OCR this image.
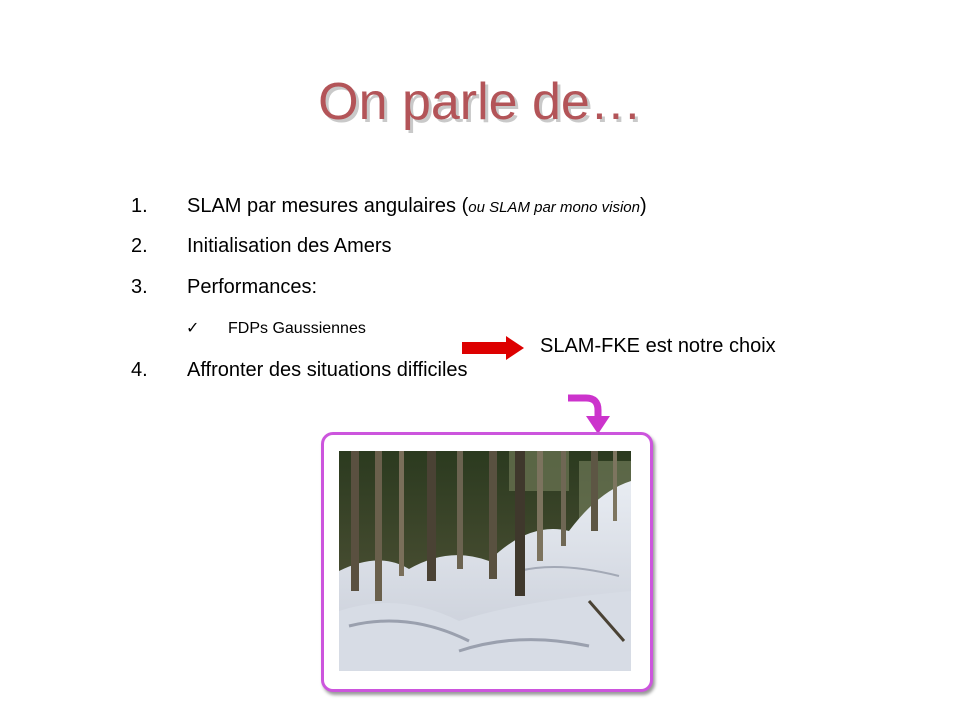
On parle de…
1. SLAM par mesures angulaires (ou SLAM par mono vision)
2. Initialisation des Amers
3. Performances:
✓ FDPs Gaussiennes
4. Affronter des situations difficiles
SLAM-FKE est notre choix
